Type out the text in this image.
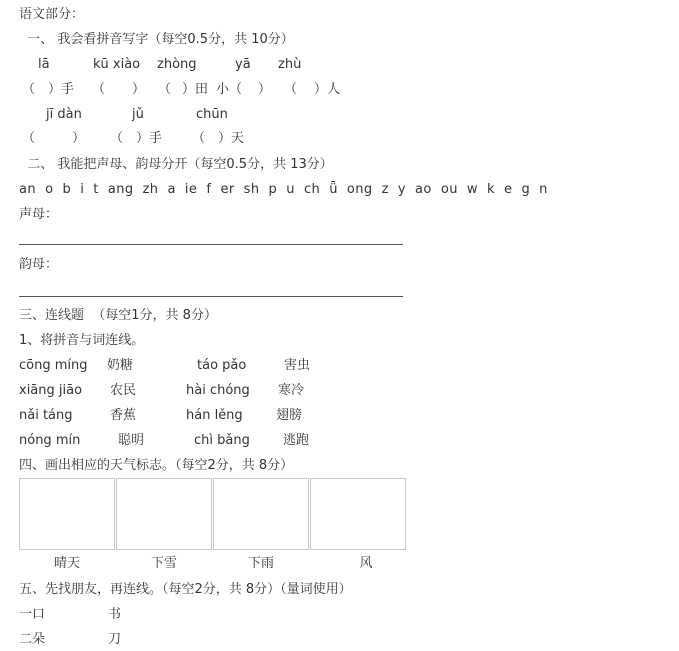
语文部分：
一、 我会看拼音写字（每空0.5分，共 10分）
lā	kū xiào zhòng	yā zhù
（ ）手 （ ） （ ）田 小（ ） （ ）人
jī dàn	jǔ	chūn
（	） （ ）手 （ ）天
二、 我能把声母、韵母分开（每空0.5分，共 13分）
an  o  b  i  t  ang  zh  a  ie  f  er  sh  p  u  ch  ǖ  ong  z  y  ao  ou  w  k  e  g  n
声母：
韵母：
三、连线题  （每空1分，共 8分）
1、将拼音与词连线。
cōng míng 奶糖	táo pǎo	害虫
xiāng jiāo 农民	hài chóng 寒冷
nǎi táng	香蕉	hán lěng	翅膀
nóng mín	聪明	chì bǎng	逃跑
四、画出相应的天气标志。（每空2分，共 8分）
晴天	下雪	下雨	风
五、先找朋友，再连线。（每空2分，共 8分）（量词使用）
一口	书
二朵	刀
